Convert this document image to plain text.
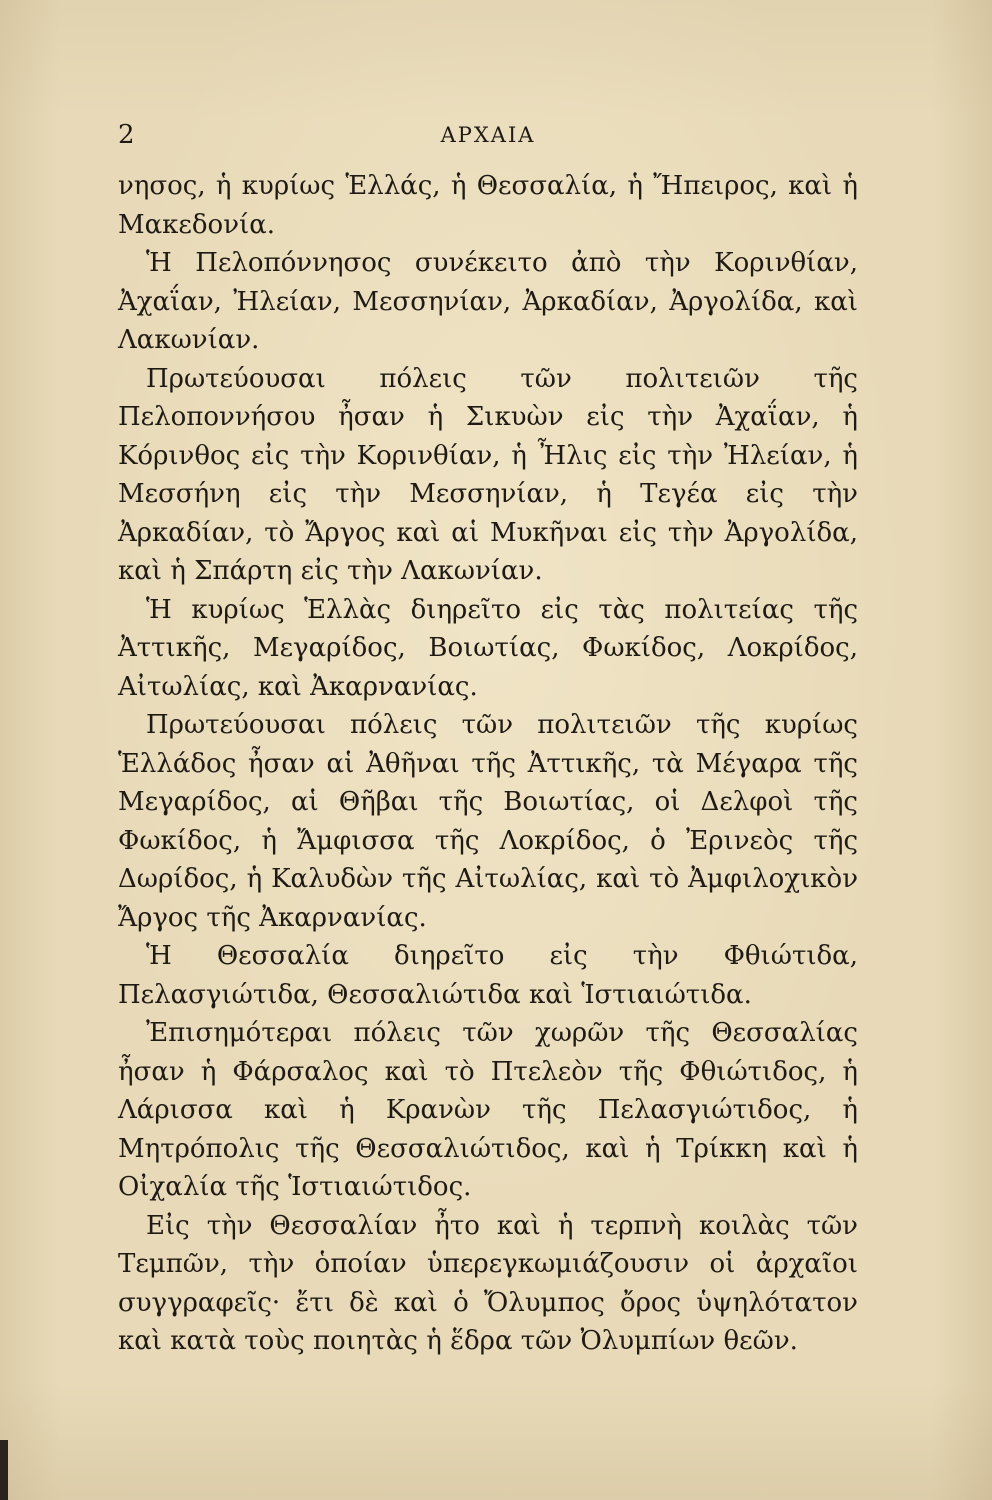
2	ΑΡΧΑΙΑ

νησος, ἡ κυρίως Ἑλλάς, ἡ Θεσσαλία, ἡ Ἤπειρος, καὶ ἡ Μακεδονία.

Ἡ Πελοπόννησος συνέκειτο ἀπὸ τὴν Κορινθίαν, Ἀχαΐαν, Ἠλείαν, Μεσσηνίαν, Ἀρκαδίαν, Ἀργολίδα, καὶ Λακωνίαν.

Πρωτεύουσαι πόλεις τῶν πολιτειῶν τῆς Πελοποννήσου ἦσαν ἡ Σικυὼν εἰς τὴν Ἀχαΐαν, ἡ Κόρινθος εἰς τὴν Κορινθίαν, ἡ Ἦλις εἰς τὴν Ἠλείαν, ἡ Μεσσήνη εἰς τὴν Μεσσηνίαν, ἡ Τεγέα εἰς τὴν Ἀρκαδίαν, τὸ Ἄργος καὶ αἱ Μυκῆναι εἰς τὴν Ἀργολίδα, καὶ ἡ Σπάρτη εἰς τὴν Λακωνίαν.

Ἡ κυρίως Ἑλλὰς διηρεῖτο εἰς τὰς πολιτείας τῆς Ἀττικῆς, Μεγαρίδος, Βοιωτίας, Φωκίδος, Λοκρίδος, Αἰτωλίας, καὶ Ἀκαρνανίας.

Πρωτεύουσαι πόλεις τῶν πολιτειῶν τῆς κυρίως Ἑλλάδος ἦσαν αἱ Ἀθῆναι τῆς Ἀττικῆς, τὰ Μέγαρα τῆς Μεγαρίδος, αἱ Θῆβαι τῆς Βοιωτίας, οἱ Δελφοὶ τῆς Φωκίδος, ἡ Ἄμφισσα τῆς Λοκρίδος, ὁ Ἐρινεὸς τῆς Δωρίδος, ἡ Καλυδὼν τῆς Αἰτωλίας, καὶ τὸ Ἀμφιλοχικὸν Ἄργος τῆς Ἀκαρνανίας.

Ἡ Θεσσαλία διηρεῖτο εἰς τὴν Φθιώτιδα, Πελασγιώτιδα, Θεσσαλιώτιδα καὶ Ἱστιαιώτιδα.

Ἐπισημότεραι πόλεις τῶν χωρῶν τῆς Θεσσαλίας ἦσαν ἡ Φάρσαλος καὶ τὸ Πτελεὸν τῆς Φθιώτιδος, ἡ Λάρισσα καὶ ἡ Κρανὼν τῆς Πελασγιώτιδος, ἡ Μητρόπολις τῆς Θεσσαλιώτιδος, καὶ ἡ Τρίκκη καὶ ἡ Οἰχαλία τῆς Ἱστιαιώτιδος.

Εἰς τὴν Θεσσαλίαν ἦτο καὶ ἡ τερπνὴ κοιλὰς τῶν Τεμπῶν, τὴν ὁποίαν ὑπερεγκωμιάζουσιν οἱ ἀρχαῖοι συγγραφεῖς· ἔτι δὲ καὶ ὁ Ὄλυμπος ὄρος ὑψηλότατον καὶ κατὰ τοὺς ποιητὰς ἡ ἕδρα τῶν Ὀλυμπίων θεῶν.
